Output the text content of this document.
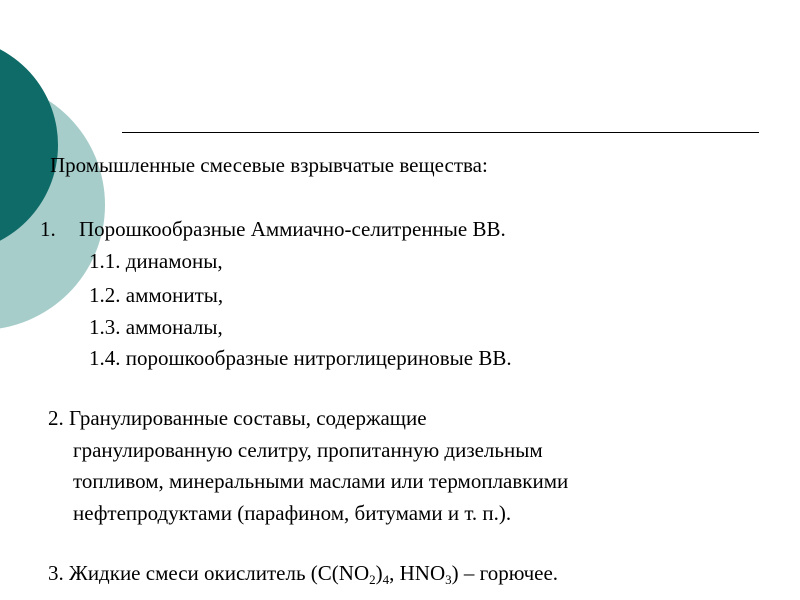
Промышленные смесевые взрывчатые вещества:
1. Порошкообразные Аммиачно-селитренные ВВ.
1.1. динамоны,
1.2. аммониты,
1.3. аммоналы,
1.4. порошкообразные нитроглицериновые ВВ.
2. Гранулированные составы, содержащие
гранулированную селитру, пропитанную дизельным
топливом, минеральными маслами или термоплавкими
нефтепродуктами (парафином, битумами и т. п.).
3. Жидкие смеси окислитель ($С(NO_2)_4$, $HNO_3$) – горючее.
